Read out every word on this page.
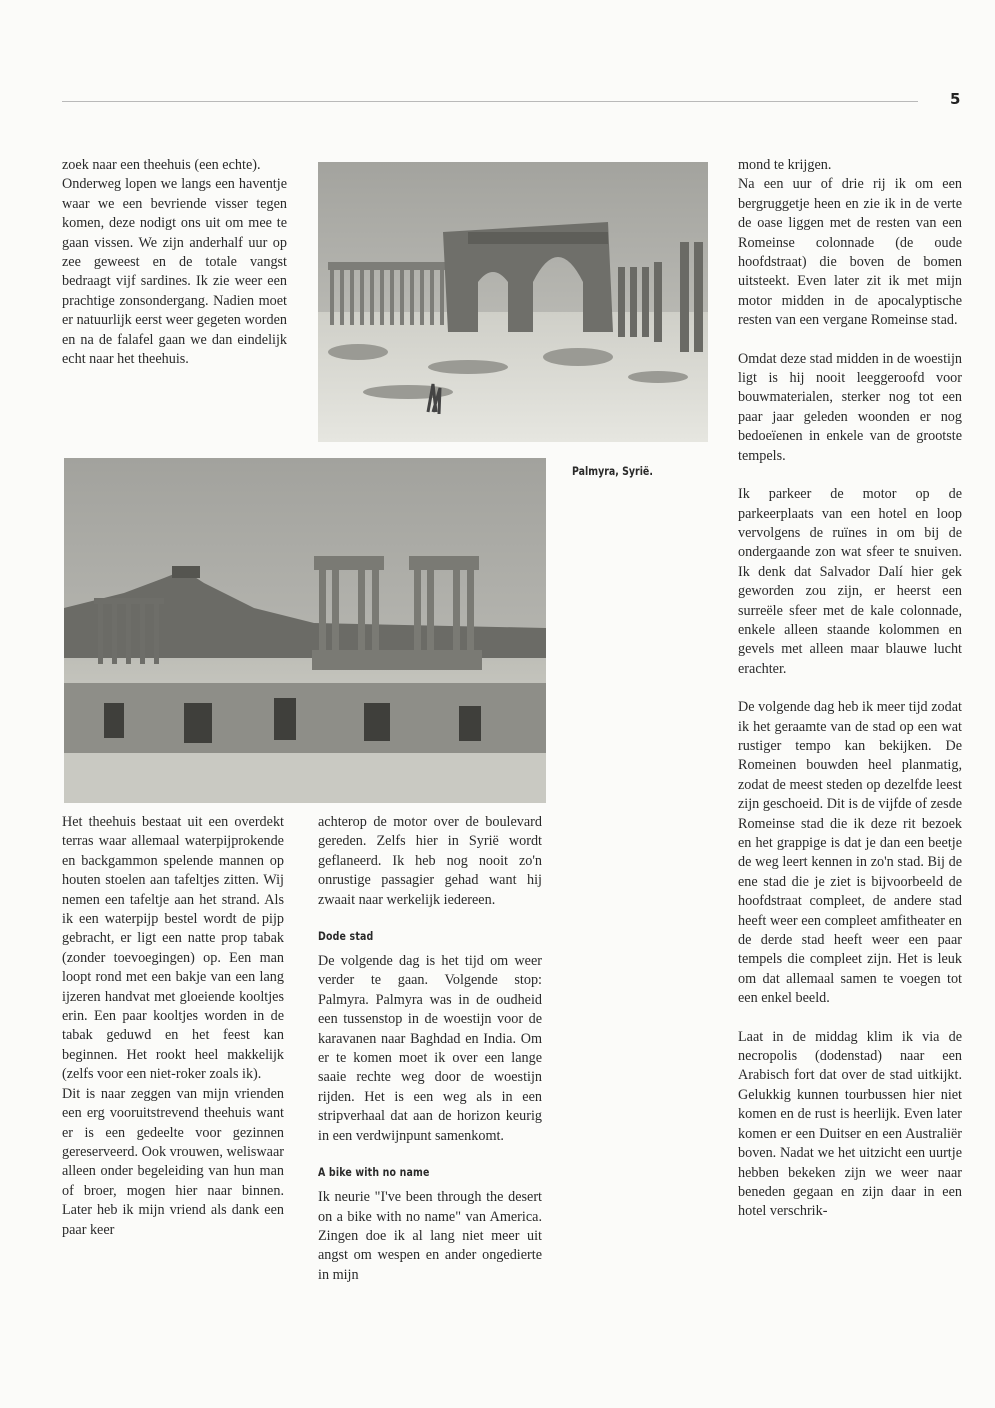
5

zoek naar een theehuis (een echte).

Onderweg lopen we langs een haventje waar we een bevriende visser tegen komen, deze nodigt ons uit om mee te gaan vissen. We zijn anderhalf uur op zee geweest en de totale vangst bedraagt vijf sardines. Ik zie weer een prachtige zonsondergang. Nadien moet er natuurlijk eerst weer gegeten worden en na de falafel gaan we dan eindelijk echt naar het theehuis.

Palmyra, Syrië.

Het theehuis bestaat uit een overdekt terras waar allemaal waterpijprokende en backgammon spelende mannen op houten stoelen aan tafeltjes zitten. Wij nemen een tafeltje aan het strand. Als ik een waterpijp bestel wordt de pijp gebracht, er ligt een natte prop tabak (zonder toevoegingen) op. Een man loopt rond met een bakje van een lang ijzeren handvat met gloeiende kooltjes erin. Een paar kooltjes worden in de tabak geduwd en het feest kan beginnen. Het rookt heel makkelijk (zelfs voor een niet-roker zoals ik).

Dit is naar zeggen van mijn vrienden een erg vooruitstrevend theehuis want er is een gedeelte voor gezinnen gereserveerd. Ook vrouwen, weliswaar alleen onder begeleiding van hun man of broer, mogen hier naar binnen. Later heb ik mijn vriend als dank een paar keer

achterop de motor over de boulevard gereden. Zelfs hier in Syrië wordt geflaneerd. Ik heb nog nooit zo'n onrustige passagier gehad want hij zwaait naar werkelijk iedereen.

Dode stad

De volgende dag is het tijd om weer verder te gaan. Volgende stop: Palmyra. Palmyra was in de oudheid een tussenstop in de woestijn voor de karavanen naar Baghdad en India. Om er te komen moet ik over een lange saaie rechte weg door de woestijn rijden. Het is een weg als in een stripverhaal dat aan de horizon keurig in een verdwijnpunt samenkomt.

A bike with no name

Ik neurie "I've been through the desert on a bike with no name" van America. Zingen doe ik al lang niet meer uit angst om wespen en ander ongedierte in mijn

mond te krijgen.

Na een uur of drie rij ik om een bergruggetje heen en zie ik in de verte de oase liggen met de resten van een Romeinse colonnade (de oude hoofdstraat) die boven de bomen uitsteekt. Even later zit ik met mijn motor midden in de apocalyptische resten van een vergane Romeinse stad.

Omdat deze stad midden in de woestijn ligt is hij nooit leeggeroofd voor bouwmaterialen, sterker nog tot een paar jaar geleden woonden er nog bedoeïenen in enkele van de grootste tempels.

Ik parkeer de motor op de parkeerplaats van een hotel en loop vervolgens de ruïnes in om bij de ondergaande zon wat sfeer te snuiven. Ik denk dat Salvador Dalí hier gek geworden zou zijn, er heerst een surreële sfeer met de kale colonnade, enkele alleen staande kolommen en gevels met alleen maar blauwe lucht erachter.

De volgende dag heb ik meer tijd zodat ik het geraamte van de stad op een wat rustiger tempo kan bekijken. De Romeinen bouwden heel planmatig, zodat de meest steden op dezelfde leest zijn geschoeid. Dit is de vijfde of zesde Romeinse stad die ik deze rit bezoek en het grappige is dat je dan een beetje de weg leert kennen in zo'n stad. Bij de ene stad die je ziet is bijvoorbeeld de hoofdstraat compleet, de andere stad heeft weer een compleet amfitheater en de derde stad heeft weer een paar tempels die compleet zijn. Het is leuk om dat allemaal samen te voegen tot een enkel beeld.

Laat in de middag klim ik via de necropolis (dodenstad) naar een Arabisch fort dat over de stad uitkijkt. Gelukkig kunnen tourbussen hier niet komen en de rust is heerlijk. Even later komen er een Duitser en een Australiër boven. Nadat we het uitzicht een uurtje hebben bekeken zijn we weer naar beneden gegaan en zijn daar in een hotel verschrik-
